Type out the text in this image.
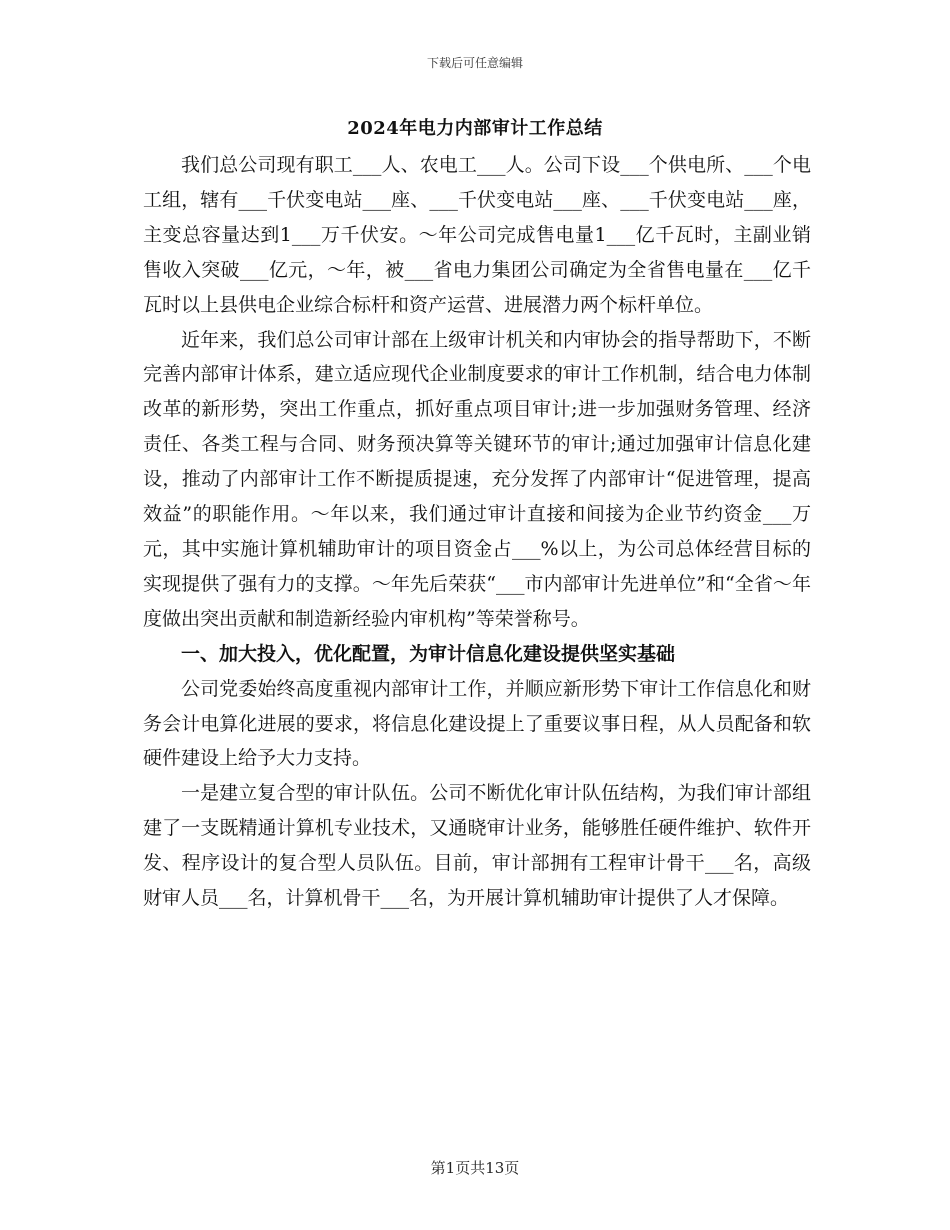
下载后可任意编辑
2024年电力内部审计工作总结

我们总公司现有职工___人、农电工___人。公司下设___个供电所、___个电工组，辖有___千伏变电站___座、___千伏变电站___座、___千伏变电站___座，主变总容量达到1___万千伏安。～年公司完成售电量1___亿千瓦时，主副业销售收入突破___亿元，～年，被___省电力集团公司确定为全省售电量在___亿千瓦时以上县供电企业综合标杆和资产运营、进展潜力两个标杆单位。

近年来，我们总公司审计部在上级审计机关和内审协会的指导帮助下，不断完善内部审计体系，建立适应现代企业制度要求的审计工作机制，结合电力体制改革的新形势，突出工作重点，抓好重点项目审计;进一步加强财务管理、经济责任、各类工程与合同、财务预决算等关键环节的审计;通过加强审计信息化建设，推动了内部审计工作不断提质提速，充分发挥了内部审计“促进管理，提高效益”的职能作用。～年以来，我们通过审计直接和间接为企业节约资金___万元，其中实施计算机辅助审计的项目资金占___%以上，为公司总体经营目标的实现提供了强有力的支撑。～年先后荣获“___市内部审计先进单位”和“全省～年度做出突出贡献和制造新经验内审机构”等荣誉称号。

一、加大投入，优化配置，为审计信息化建设提供坚实基础

公司党委始终高度重视内部审计工作，并顺应新形势下审计工作信息化和财务会计电算化进展的要求，将信息化建设提上了重要议事日程，从人员配备和软硬件建设上给予大力支持。

一是建立复合型的审计队伍。公司不断优化审计队伍结构，为我们审计部组建了一支既精通计算机专业技术，又通晓审计业务，能够胜任硬件维护、软件开发、程序设计的复合型人员队伍。目前，审计部拥有工程审计骨干___名，高级财审人员___名，计算机骨干___名，为开展计算机辅助审计提供了人才保障。

第1页共13页
